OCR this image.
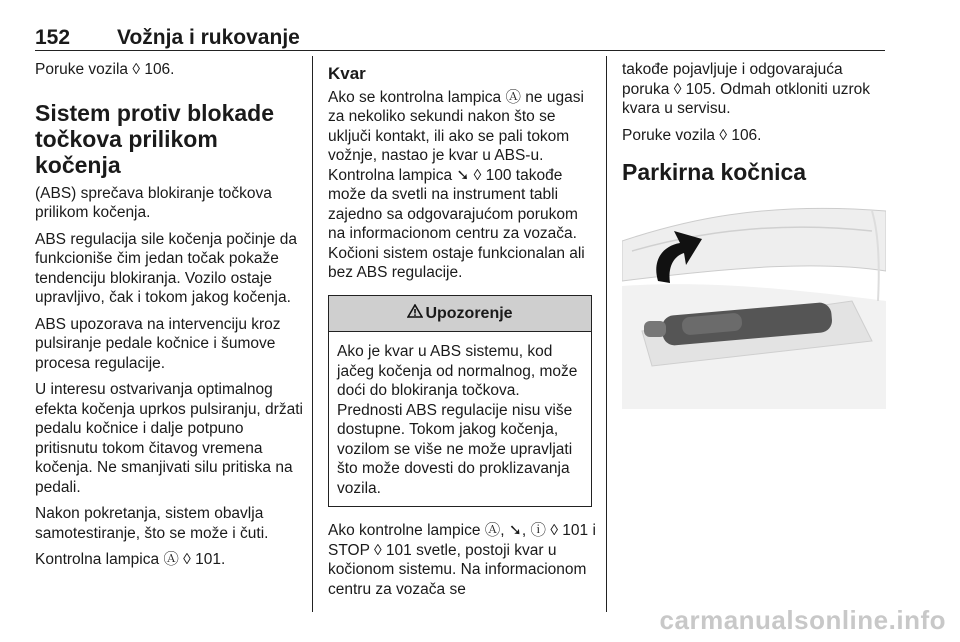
152 Vožnja i rukovanje

Poruke vozila ◊ 106.

Sistem protiv blokade točkova prilikom kočenja

(ABS) sprečava blokiranje točkova prilikom kočenja.

ABS regulacija sile kočenja počinje da funkcioniše čim jedan točak pokaže tendenciju blokiranja. Vozilo ostaje upravljivo, čak i tokom jakog kočenja.

ABS upozorava na intervenciju kroz pulsiranje pedale kočnice i šumove procesa regulacije.

U interesu ostvarivanja optimalnog efekta kočenja uprkos pulsiranju, držati pedalu kočnice i dalje potpuno pritisnutu tokom čitavog vremena kočenja. Ne smanjivati silu pritiska na pedali.

Nakon pokretanja, sistem obavlja samotestiranje, što se može i čuti.

Kontrolna lampica Ⓐ ◊ 101.

Kvar

Ako se kontrolna lampica Ⓐ ne ugasi za nekoliko sekundi nakon što se uključi kontakt, ili ako se pali tokom vožnje, nastao je kvar u ABS-u. Kontrolna lampica ➘ ◊ 100 takođe može da svetli na instrument tabli zajedno sa odgovarajućom porukom na informacionom centru za vozača. Kočioni sistem ostaje funkcionalan ali bez ABS regulacije.

Upozorenje
Ako je kvar u ABS sistemu, kod jačeg kočenja od normalnog, može doći do blokiranja točkova. Prednosti ABS regulacije nisu više dostupne. Tokom jakog kočenja, vozilom se više ne može upravljati što može dovesti do proklizavanja vozila.

Ako kontrolne lampice Ⓐ, ➘, ⓘ ◊ 101 i STOP ◊ 101 svetle, postoji kvar u kočionom sistemu. Na informacionom centru za vozača se

takođe pojavljuje i odgovarajuća poruka ◊ 105. Odmah otkloniti uzrok kvara u servisu.

Poruke vozila ◊ 106.

Parkirna kočnica
carmanualsonline.info
